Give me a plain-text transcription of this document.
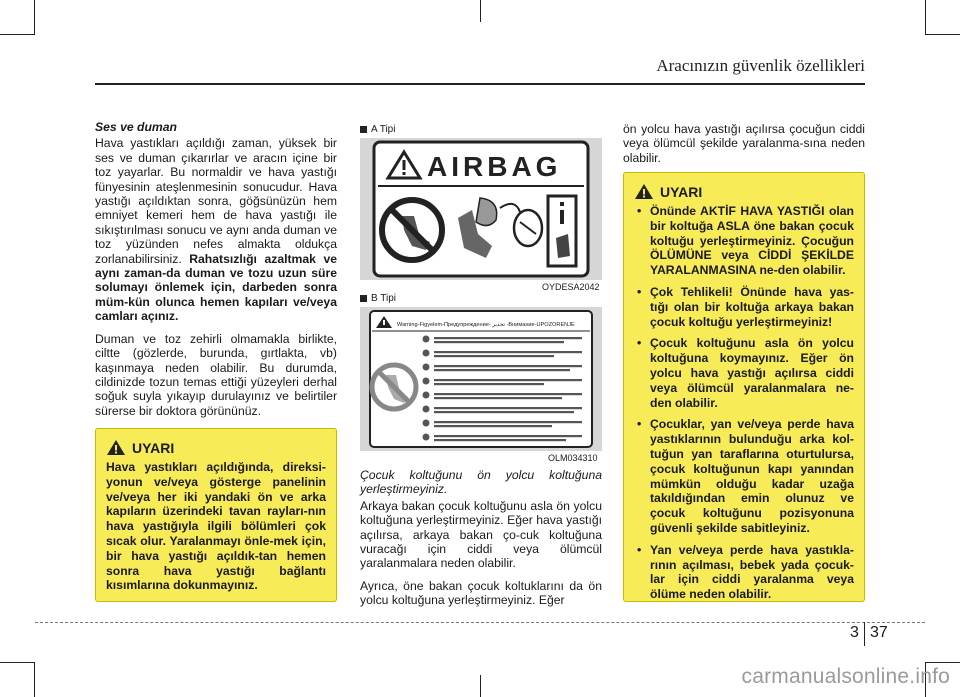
Aracınızın güvenlik özellikleri
Ses ve duman

Hava yastıkları açıldığı zaman, yüksek bir ses ve duman çıkarırlar ve aracın içine bir toz yayarlar. Bu normaldir ve hava yastığı fünyesinin ateşlenmesinin sonucudur. Hava yastığı açıldıktan sonra, göğsünüzün hem emniyet kemeri hem de hava yastığı ile sıkıştırılması sonucu ve aynı anda duman ve toz yüzünden nefes almakta oldukça zorlanabilirsiniz. Rahatsızlığı azaltmak ve aynı zaman-da duman ve tozu uzun süre solumayı önlemek için, darbeden sonra müm-kün olunca hemen kapıları ve/veya camları açınız.

Duman ve toz zehirli olmamakla birlikte, ciltte (gözlerde, burunda, gırtlakta, vb) kaşınmaya neden olabilir. Bu durumda, cildinizde tozun temas ettiği yüzeyleri derhal soğuk suyla yıkayıp durulayınız ve belirtiler sürerse bir doktora görününüz.

UYARI
Hava yastıkları açıldığında, direksi-yonun ve/veya gösterge panelinin ve/veya her iki yandaki ön ve arka kapıların üzerindeki tavan rayları-nın hava yastığıyla ilgili bölümleri çok sıcak olur. Yaralanmayı önle-mek için, bir hava yastığı açıldık-tan hemen sonra hava yastığı bağlantı kısımlarına dokunmayınız.
A Tipi
AIRBAG
OYDESA2042
B Tipi
Warning-Figyelem-Предупреждение- تحذير -Внимание-UPOZORENJE
OLM034310
Çocuk koltuğunu ön yolcu koltuğuna yerleştirmeyiniz.

Arkaya bakan çocuk koltuğunu asla ön yolcu koltuğuna yerleştirmeyiniz. Eğer hava yastığı açılırsa, arkaya bakan ço-cuk koltuğuna vuracağı için ciddi veya ölümcül yaralanmalara neden olabilir.

Ayrıca, öne bakan çocuk koltuklarını da ön yolcu koltuğuna yerleştirmeyiniz. Eğer

ön yolcu hava yastığı açılırsa çocuğun ciddi veya ölümcül şekilde yaralanma-sına neden olabilir.

UYARI
• Önünde AKTİF HAVA YASTIĞI olan bir koltuğa ASLA öne bakan çocuk koltuğu yerleştirmeyiniz. Çocuğun ÖLÜMÜNE veya CİDDİ ŞEKİLDE YARALANMASINA ne-den olabilir.
• Çok Tehlikeli! Önünde hava yas-tığı olan bir koltuğa arkaya bakan çocuk koltuğu yerleştirmeyiniz!
• Çocuk koltuğunu asla ön yolcu koltuğuna koymayınız. Eğer ön yolcu hava yastığı açılırsa ciddi veya ölümcül yaralanmalara ne-den olabilir.
• Çocuklar, yan ve/veya perde hava yastıklarının bulunduğu arka kol-tuğun yan taraflarına oturtulursa, çocuk koltuğunun kapı yanından mümkün olduğu kadar uzağa takıldığından emin olunuz ve çocuk koltuğunu pozisyonuna güvenli şekilde sabitleyiniz.
• Yan ve/veya perde hava yastıkla-rının açılması, bebek yada çocuk-lar için ciddi yaralanma veya ölüme neden olabilir.
3 37
carmanualsonline.info
